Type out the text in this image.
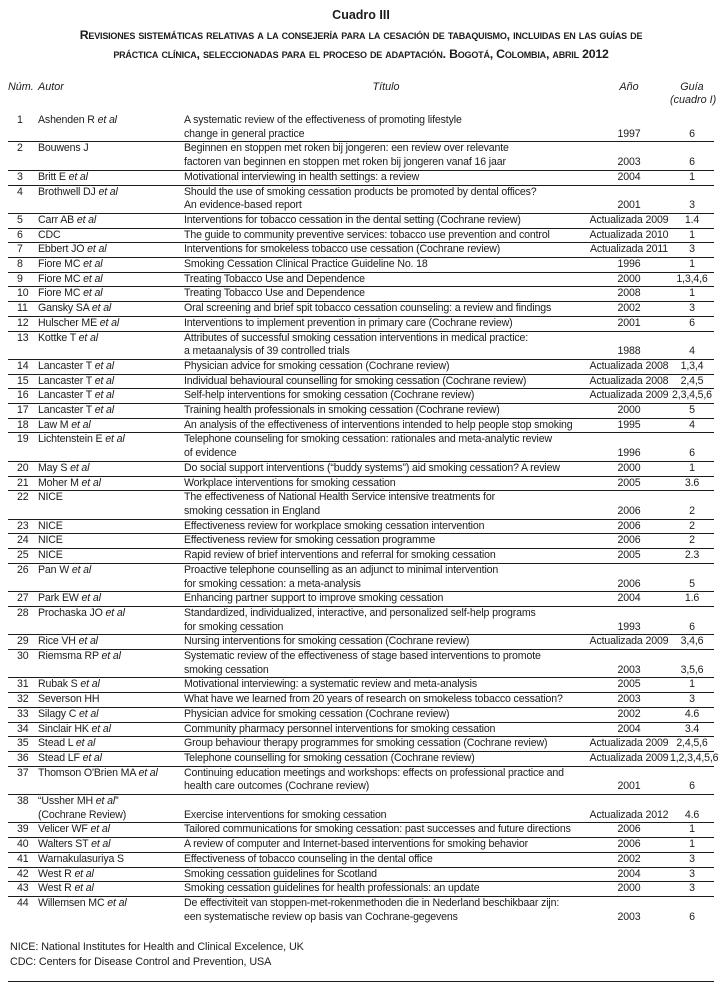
Cuadro III
Revisiones sistemáticas relativas a la consejería para la cesación de tabaquismo, incluidas en las guías de
práctica clínica, seleccionadas para el proceso de adaptación. Bogotá, Colombia, abril 2012
Núm.	Autor	Título	Año	Guía
(cuadro I)

1	Ashenden R et al	A systematic review of the effectiveness of promoting lifestyle
change in general practice	1997	6
2	Bouwens J	Beginnen en stoppen met roken bij jongeren: een review over relevante
factoren van beginnen en stoppen met roken bij jongeren vanaf 16 jaar	2003	6
3	Britt E et al	Motivational interviewing in health settings: a review	2004	1
4	Brothwell DJ et al	Should the use of smoking cessation products be promoted by dental offices?
An evidence-based report	2001	3
5	Carr AB et al	Interventions for tobacco cessation in the dental setting (Cochrane review)	Actualizada 2009	1.4
6	CDC	The guide to community preventive services: tobacco use prevention and control	Actualizada 2010	1
7	Ebbert JO et al	Interventions for smokeless tobacco use cessation (Cochrane review)	Actualizada 2011	3
8	Fiore MC et al	Smoking Cessation Clinical Practice Guideline No. 18	1996	1
9	Fiore MC et al	Treating Tobacco Use and Dependence	2000	1,3,4,6
10	Fiore MC et al	Treating Tobacco Use and Dependence	2008	1
11	Gansky SA et al	Oral screening and brief spit tobacco cessation counseling: a review and findings	2002	3
12	Hulscher ME et al	Interventions to implement prevention in primary care (Cochrane review)	2001	6
13	Kottke T et al	Attributes of successful smoking cessation interventions in medical practice:
a metaanalysis of 39 controlled trials	1988	4
14	Lancaster T et al	Physician advice for smoking cessation (Cochrane review)	Actualizada 2008	1,3,4
15	Lancaster T et al	Individual behavioural counselling for smoking cessation (Cochrane review)	Actualizada 2008	2,4,5
16	Lancaster T et al	Self-help interventions for smoking cessation (Cochrane review)	Actualizada 2009	2,3,4,5,6
17	Lancaster T et al	Training health professionals in smoking cessation (Cochrane review)	2000	5
18	Law M et al	An analysis of the effectiveness of interventions intended to help people stop smoking	1995	4
19	Lichtenstein E et al	Telephone counseling for smoking cessation: rationales and meta-analytic review
of evidence	1996	6
20	May S et al	Do social support interventions (“buddy systems”) aid smoking cessation? A review	2000	1
21	Moher M et al	Workplace interventions for smoking cessation	2005	3.6
22	NICE	The effectiveness of National Health Service intensive treatments for
smoking cessation in England	2006	2
23	NICE	Effectiveness review for workplace smoking cessation intervention	2006	2
24	NICE	Effectiveness review for smoking cessation programme	2006	2
25	NICE	Rapid review of brief interventions and referral for smoking cessation	2005	2.3
26	Pan W et al	Proactive telephone counselling as an adjunct to minimal intervention
for smoking cessation: a meta-analysis	2006	5
27	Park EW et al	Enhancing partner support to improve smoking cessation	2004	1.6
28	Prochaska JO et al	Standardized, individualized, interactive, and personalized self-help programs
for smoking cessation	1993	6
29	Rice VH et al	Nursing interventions for smoking cessation (Cochrane review)	Actualizada 2009	3,4,6
30	Riemsma RP et al	Systematic review of the effectiveness of stage based interventions to promote
smoking cessation	2003	3,5,6
31	Rubak S et al	Motivational interviewing: a systematic review and meta-analysis	2005	1
32	Severson HH	What have we learned from 20 years of research on smokeless tobacco cessation?	2003	3
33	Silagy C et al	Physician advice for smoking cessation (Cochrane review)	2002	4.6
34	Sinclair HK et al	Community pharmacy personnel interventions for smoking cessation	2004	3.4
35	Stead L et al	Group behaviour therapy programmes for smoking cessation (Cochrane review)	Actualizada 2009	2,4,5,6
36	Stead LF et al	Telephone counselling for smoking cessation (Cochrane review)	Actualizada 2009	1,2,3,4,5,6
37	Thomson O'Brien MA et al	Continuing education meetings and workshops: effects on professional practice and
health care outcomes (Cochrane review)	2001	6
38	“Ussher MH et al”
(Cochrane Review)	Exercise interventions for smoking cessation	Actualizada 2012	4.6
39	Velicer WF et al	Tailored communications for smoking cessation: past successes and future directions	2006	1
40	Walters ST et al	A review of computer and Internet-based interventions for smoking behavior	2006	1
41	Warnakulasuriya S	Effectiveness of tobacco counseling in the dental office	2002	3
42	West R et al	Smoking cessation guidelines for Scotland	2004	3
43	West R et al	Smoking cessation guidelines for health professionals: an update	2000	3
44	Willemsen MC et al	De effectiviteit van stoppen-met-rokenmethoden die in Nederland beschikbaar zijn:
een systematische review op basis van Cochrane-gegevens	2003	6
NICE: National Institutes for Health and Clinical Excelence, UK
CDC: Centers for Disease Control and Prevention, USA
